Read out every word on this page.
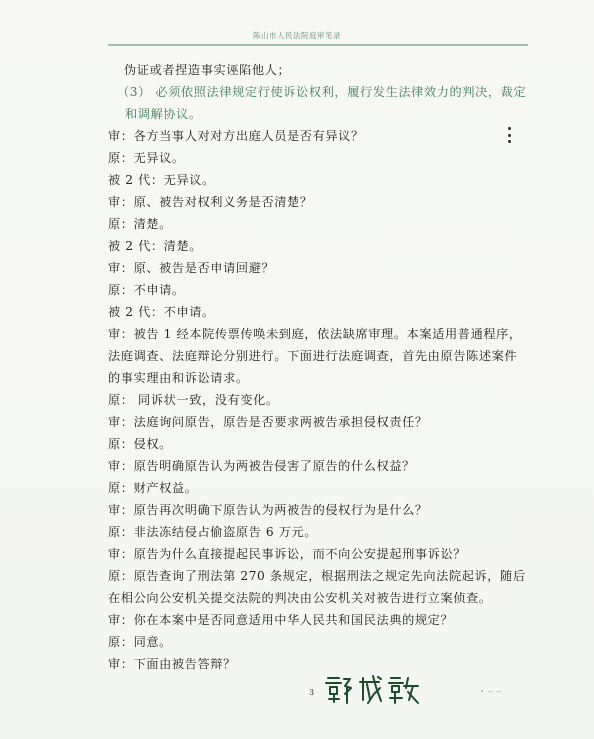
陈山市人民法院庭审笔录
伪证或者捏造事实诬陷他人；
（3） 必须依照法律规定行使诉讼权利，履行发生法律效力的判决，裁定
和调解协议。
审：各方当事人对对方出庭人员是否有异议？
原：无异议。
被 2 代：无异议。
审：原、被告对权利义务是否清楚？
原：清楚。
被 2 代：清楚。
审：原、被告是否申请回避？
原：不申请。
被 2 代：不申请。
审：被告 1 经本院传票传唤未到庭，依法缺席审理。本案适用普通程序，
法庭调查、法庭辩论分别进行。下面进行法庭调查，首先由原告陈述案件
的事实理由和诉讼请求。
原： 同诉状一致，没有变化。
审：法庭询问原告，原告是否要求两被告承担侵权责任？
原：侵权。
审：原告明确原告认为两被告侵害了原告的什么权益？
原：财产权益。
审：原告再次明确下原告认为两被告的侵权行为是什么？
原：非法冻结侵占偷盗原告 6 万元。
审：原告为什么直接提起民事诉讼，而不向公安提起刑事诉讼？
原：原告查询了刑法第 270 条规定，根据刑法之规定先向法院起诉，随后
在相公向公安机关提交法院的判决由公安机关对被告进行立案侦查。
审：你在本案中是否同意适用中华人民共和国民法典的规定？
原：同意。
审：下面由被告答辩？
3	• ─ ─
